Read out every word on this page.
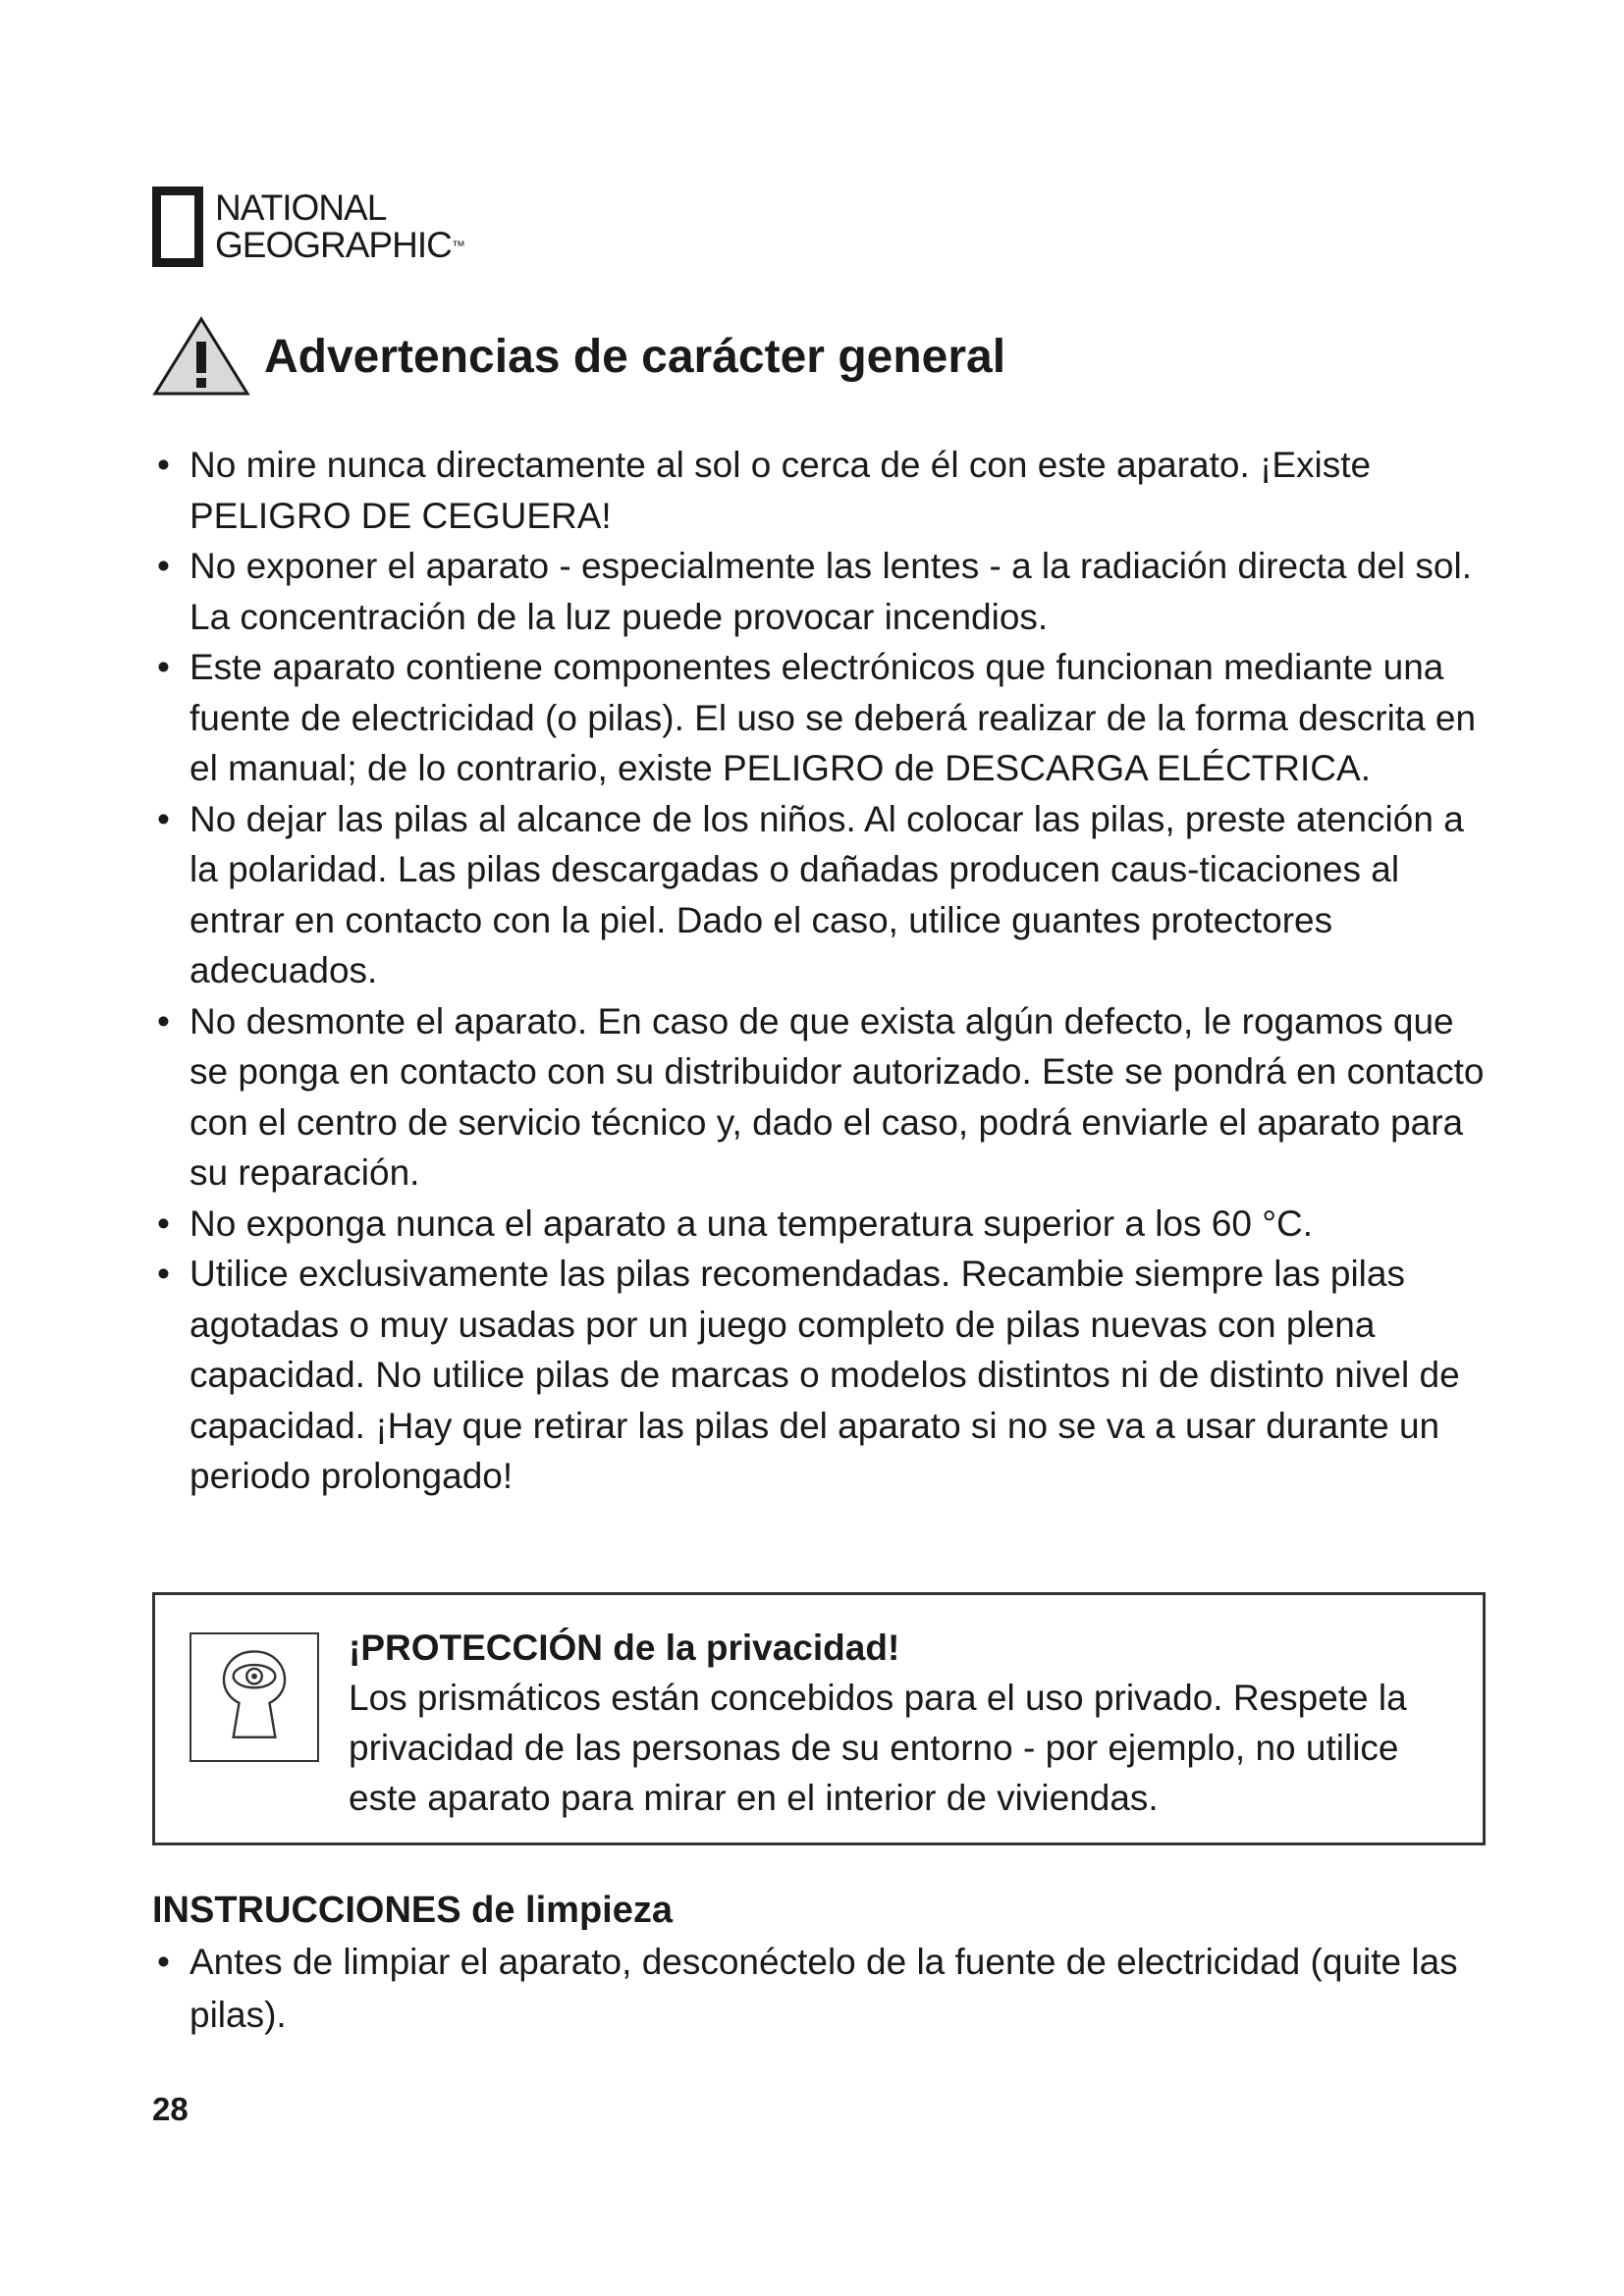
NATIONAL
GEOGRAPHIC™
Advertencias de carácter general
• No mire nunca directamente al sol o cerca de él con este aparato. ¡Existe PELIGRO DE CEGUERA!
• No exponer el aparato - especialmente las lentes - a la radiación directa del sol. La concentración de la luz puede provocar incendios.
• Este aparato contiene componentes electrónicos que funcionan mediante una fuente de electricidad (o pilas). El uso se deberá realizar de la forma descrita en el manual; de lo contrario, existe PELIGRO de DESCARGA ELÉCTRICA.
• No dejar las pilas al alcance de los niños. Al colocar las pilas, preste atención a la polaridad. Las pilas descargadas o dañadas producen caus-ticaciones al entrar en contacto con la piel. Dado el caso, utilice guantes protectores adecuados.
• No desmonte el aparato. En caso de que exista algún defecto, le rogamos que se ponga en contacto con su distribuidor autorizado. Este se pondrá en contacto con el centro de servicio técnico y, dado el caso, podrá enviarle el aparato para su reparación.
• No exponga nunca el aparato a una temperatura superior a los 60 °C.
• Utilice exclusivamente las pilas recomendadas. Recambie siempre las pilas agotadas o muy usadas por un juego completo de pilas nuevas con plena capacidad. No utilice pilas de marcas o modelos distintos ni de distinto nivel de capacidad. ¡Hay que retirar las pilas del aparato si no se va a usar durante un periodo prolongado!
¡PROTECCIÓN de la privacidad!
Los prismáticos están concebidos para el uso privado. Respete la privacidad de las personas de su entorno - por ejemplo, no utilice este aparato para mirar en el interior de viviendas.
INSTRUCCIONES de limpieza
• Antes de limpiar el aparato, desconéctelo de la fuente de electricidad (quite las pilas).
28
